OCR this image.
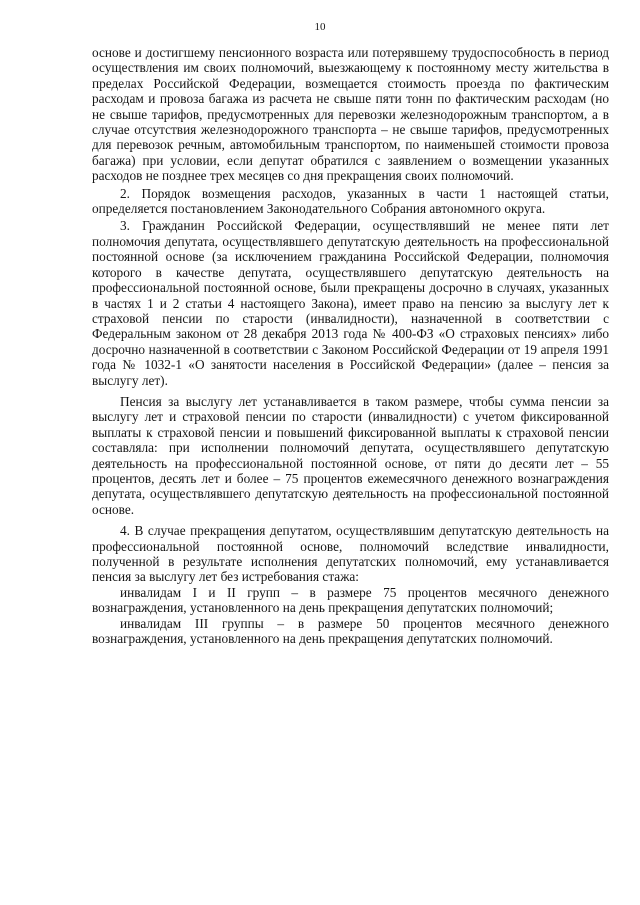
10

основе и достигшему пенсионного возраста или потерявшему трудоспособность в период осуществления им своих полномочий, выезжающему к постоянному месту жительства в пределах Российской Федерации, возмещается стоимость проезда по фактическим расходам и провоза багажа из расчета не свыше пяти тонн по фактическим расходам (но не свыше тарифов, предусмотренных для перевозки железнодорожным транспортом, а в случае отсутствия железнодорожного транспорта – не свыше тарифов, предусмотренных для перевозок речным, автомобильным транспортом, по наименьшей стоимости провоза багажа) при условии, если депутат обратился с заявлением о возмещении указанных расходов не позднее трех месяцев со дня прекращения своих полномочий.

2. Порядок возмещения расходов, указанных в части 1 настоящей статьи, определяется постановлением Законодательного Собрания автономного округа.

3. Гражданин Российской Федерации, осуществлявший не менее пяти лет полномочия депутата, осуществлявшего депутатскую деятельность на профессиональной постоянной основе (за исключением гражданина Российской Федерации, полномочия которого в качестве депутата, осуществлявшего депутатскую деятельность на профессиональной постоянной основе, были прекращены досрочно в случаях, указанных в частях 1 и 2 статьи 4 настоящего Закона), имеет право на пенсию за выслугу лет к страховой пенсии по старости (инвалидности), назначенной в соответствии с Федеральным законом от 28 декабря 2013 года № 400-ФЗ «О страховых пенсиях» либо досрочно назначенной в соответствии с Законом Российской Федерации от 19 апреля 1991 года № 1032-1 «О занятости населения в Российской Федерации» (далее – пенсия за выслугу лет).

Пенсия за выслугу лет устанавливается в таком размере, чтобы сумма пенсии за выслугу лет и страховой пенсии по старости (инвалидности) с учетом фиксированной выплаты к страховой пенсии и повышений фиксированной выплаты к страховой пенсии составляла: при исполнении полномочий депутата, осуществлявшего депутатскую деятельность на профессиональной постоянной основе, от пяти до десяти лет – 55 процентов, десять лет и более – 75 процентов ежемесячного денежного вознаграждения депутата, осуществлявшего депутатскую деятельность на профессиональной постоянной основе.

4. В случае прекращения депутатом, осуществлявшим депутатскую деятельность на профессиональной постоянной основе, полномочий вследствие инвалидности, полученной в результате исполнения депутатских полномочий, ему устанавливается пенсия за выслугу лет без истребования стажа:

инвалидам I и II групп – в размере 75 процентов месячного денежного вознаграждения, установленного на день прекращения депутатских полномочий;

инвалидам III группы – в размере 50 процентов месячного денежного вознаграждения, установленного на день прекращения депутатских полномочий.
